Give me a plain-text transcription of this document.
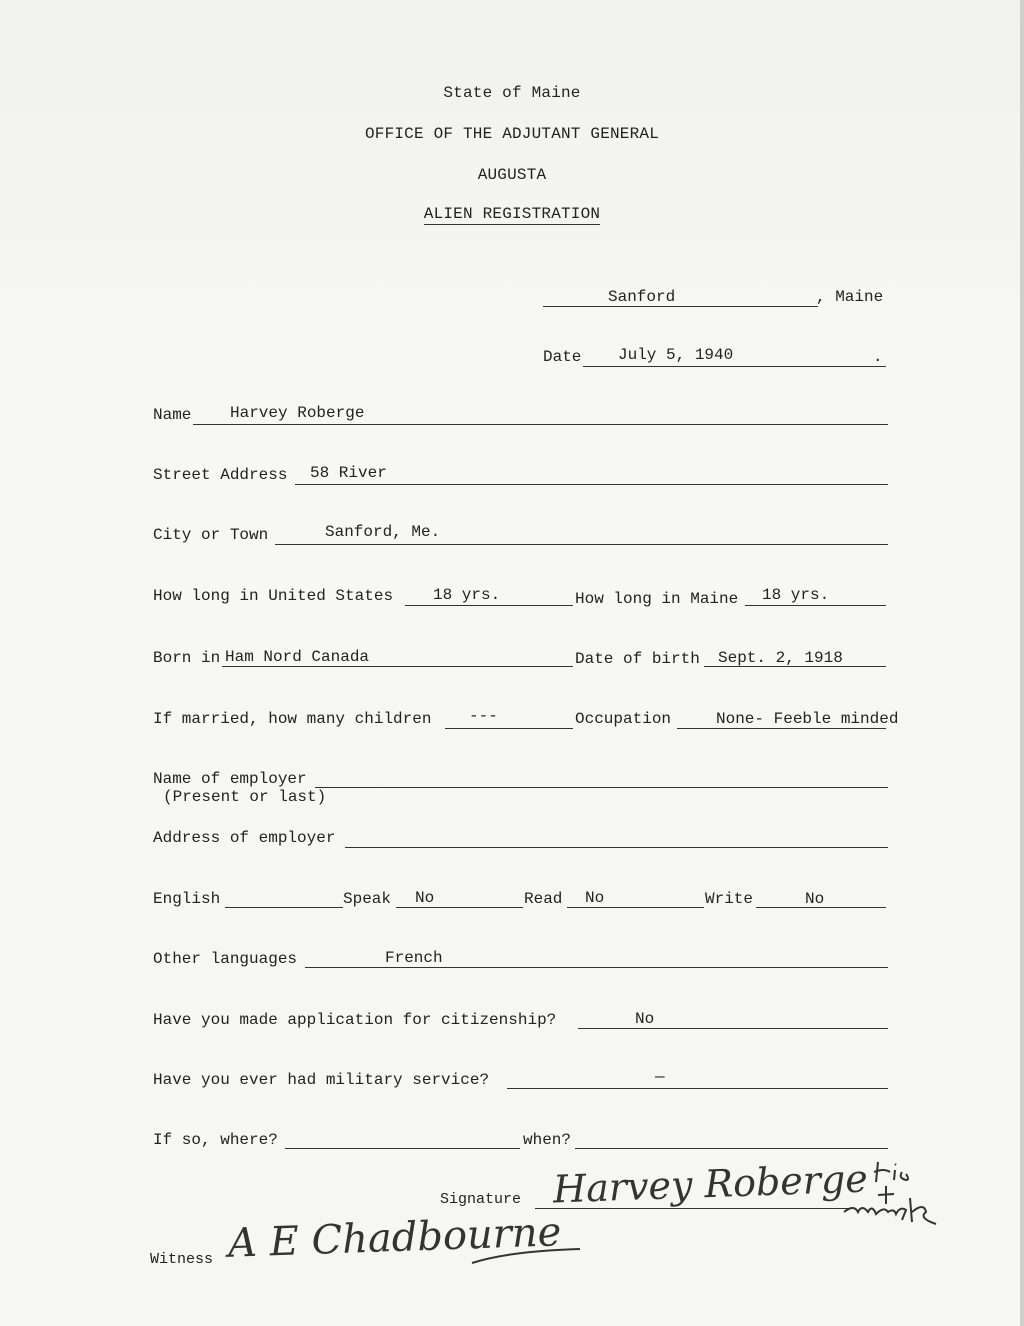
State of Maine
OFFICE OF THE ADJUTANT GENERAL
AUGUSTA
ALIEN REGISTRATION
Sanford	, Maine
Date July 5, 1940	.
Name Harvey Roberge
Street Address 58 River
City or Town	Sanford, Me.
How long in United States 18 yrs.	How long in Maine 18 yrs.
Born in Ham Nord Canada	Date of birth Sept. 2, 1918
If married, how many children ---	Occupation	None- Feeble minded
Name of employer
(Present or last)
Address of employer
English	Speak No	Read No	Write	No
Other languages	French
Have you made application for citizenship?	No
Have you ever had military service?	—
If so, where?	when?
Signature Harvey Roberge
Witness A E Chadbourne
